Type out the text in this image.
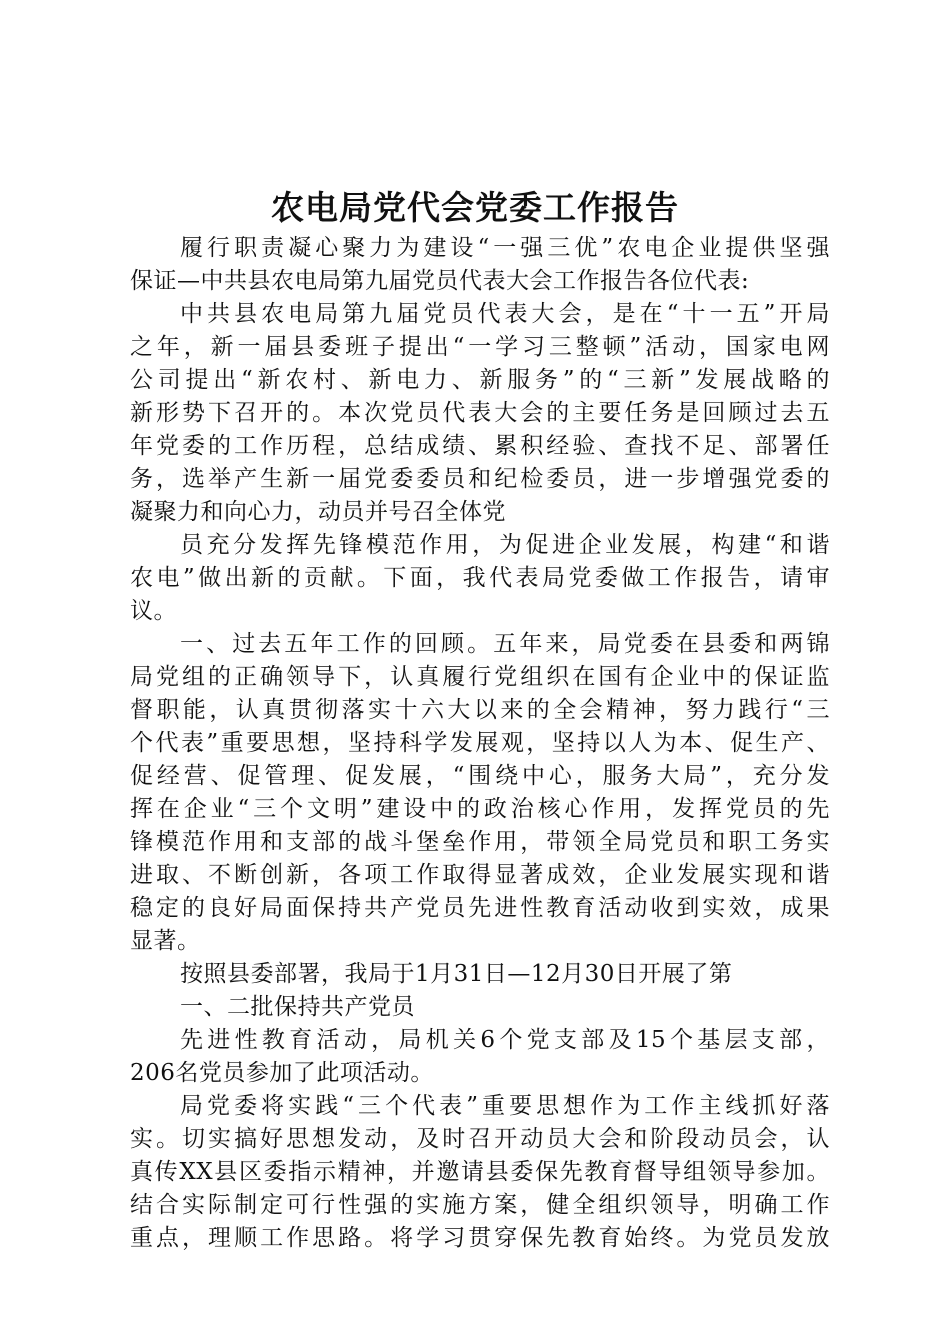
农电局党代会党委工作报告
履行职责凝心聚力为建设“一强三优”农电企业提供坚强
保证—中共县农电局第九届党员代表大会工作报告各位代表:
中共县农电局第九届党员代表大会，是在“十一五”开局
之年，新一届县委班子提出“一学习三整顿”活动，国家电网
公司提出“新农村、新电力、新服务”的“三新”发展战略的
新形势下召开的。本次党员代表大会的主要任务是回顾过去五
年党委的工作历程，总结成绩、累积经验、查找不足、部署任
务，选举产生新一届党委委员和纪检委员，进一步增强党委的
凝聚力和向心力，动员并号召全体党
员充分发挥先锋模范作用，为促进企业发展，构建“和谐
农电”做出新的贡献。下面，我代表局党委做工作报告，请审
议。
一、过去五年工作的回顾。五年来，局党委在县委和两锦
局党组的正确领导下，认真履行党组织在国有企业中的保证监
督职能，认真贯彻落实十六大以来的全会精神，努力践行“三
个代表”重要思想，坚持科学发展观，坚持以人为本、促生产、
促经营、促管理、促发展，“围绕中心，服务大局”，充分发
挥在企业“三个文明”建设中的政治核心作用，发挥党员的先
锋模范作用和支部的战斗堡垒作用，带领全局党员和职工务实
进取、不断创新，各项工作取得显著成效，企业发展实现和谐
稳定的良好局面保持共产党员先进性教育活动收到实效，成果
显著。
按照县委部署，我局于1月31日—12月30日开展了第
一、二批保持共产党员
先进性教育活动，局机关6个党支部及15个基层支部，
206名党员参加了此项活动。
局党委将实践“三个代表”重要思想作为工作主线抓好落
实。切实搞好思想发动，及时召开动员大会和阶段动员会，认
真传XX县区委指示精神，并邀请县委保先教育督导组领导参加。
结合实际制定可行性强的实施方案，健全组织领导，明确工作
重点，理顺工作思路。将学习贯穿保先教育始终。为党员发放
